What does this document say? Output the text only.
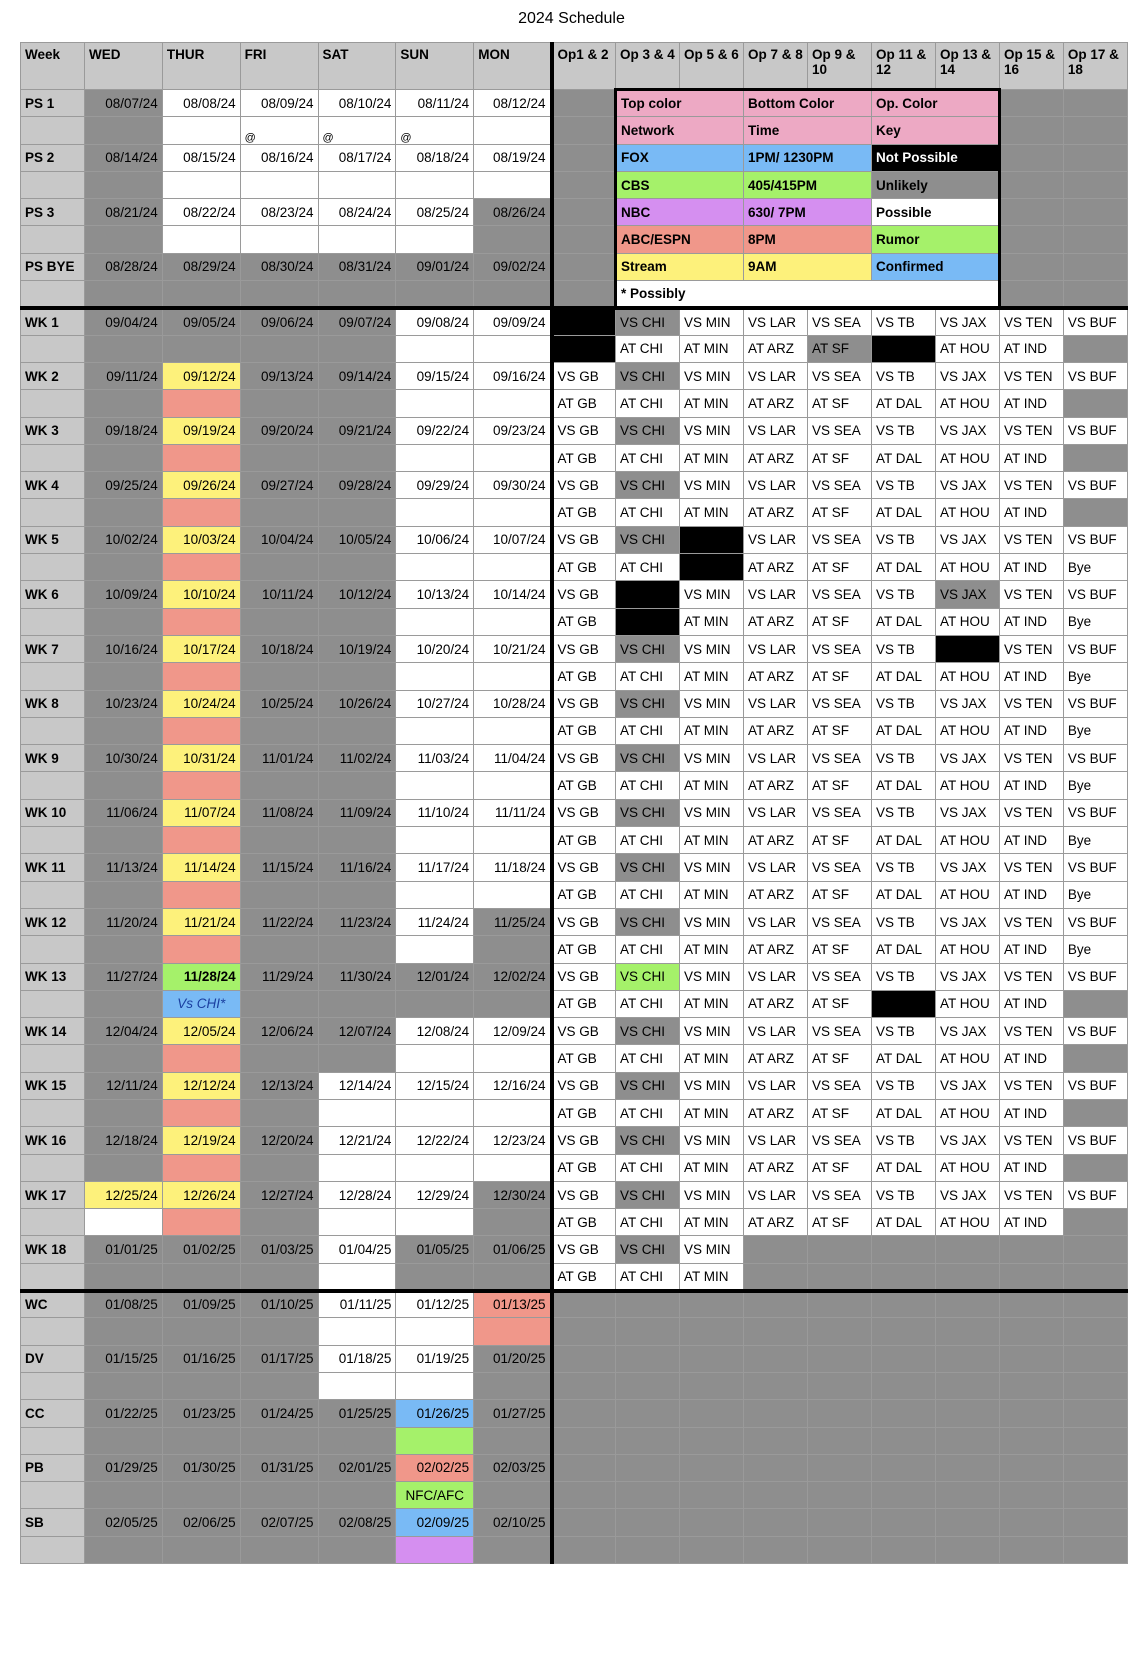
2024 Schedule
Week	WED	THUR	FRI	SAT	SUN	MON	Op1 & 2	Op 3 & 4	Op 5 & 6	Op 7 & 8	Op 9 & 10	Op 11 & 12	Op 13 & 14	Op 15 & 16	Op 17 & 18
PS 1	08/07/24	08/08/24	08/09/24	08/10/24	08/11/24	08/12/24		Top color		Bottom Color		Op. Color			
			@	@	@			Network		Time		Key			
PS 2	08/14/24	08/15/24	08/16/24	08/17/24	08/18/24	08/19/24		FOX		1PM/ 1230PM		Not Possible			
								CBS		405/415PM		Unlikely			
PS 3	08/21/24	08/22/24	08/23/24	08/24/24	08/25/24	08/26/24		NBC		630/ 7PM		Possible			
								ABC/ESPN		8PM		Rumor			
PS BYE	08/28/24	08/29/24	08/30/24	08/31/24	09/01/24	09/02/24		Stream		9AM		Confirmed			
								* Possibly							
WK 1	09/04/24	09/05/24	09/06/24	09/07/24	09/08/24	09/09/24		VS CHI	VS MIN	VS LAR	VS SEA	VS TB	VS JAX	VS TEN	VS BUF
								AT CHI	AT MIN	AT ARZ	AT SF		AT HOU	AT IND	
WK 2	09/11/24	09/12/24	09/13/24	09/14/24	09/15/24	09/16/24	VS GB	VS CHI	VS MIN	VS LAR	VS SEA	VS TB	VS JAX	VS TEN	VS BUF
							AT GB	AT CHI	AT MIN	AT ARZ	AT SF	AT DAL	AT HOU	AT IND	
WK 3	09/18/24	09/19/24	09/20/24	09/21/24	09/22/24	09/23/24	VS GB	VS CHI	VS MIN	VS LAR	VS SEA	VS TB	VS JAX	VS TEN	VS BUF
							AT GB	AT CHI	AT MIN	AT ARZ	AT SF	AT DAL	AT HOU	AT IND	
WK 4	09/25/24	09/26/24	09/27/24	09/28/24	09/29/24	09/30/24	VS GB	VS CHI	VS MIN	VS LAR	VS SEA	VS TB	VS JAX	VS TEN	VS BUF
							AT GB	AT CHI	AT MIN	AT ARZ	AT SF	AT DAL	AT HOU	AT IND	
WK 5	10/02/24	10/03/24	10/04/24	10/05/24	10/06/24	10/07/24	VS GB	VS CHI		VS LAR	VS SEA	VS TB	VS JAX	VS TEN	VS BUF
							AT GB	AT CHI		AT ARZ	AT SF	AT DAL	AT HOU	AT IND	Bye
WK 6	10/09/24	10/10/24	10/11/24	10/12/24	10/13/24	10/14/24	VS GB		VS MIN	VS LAR	VS SEA	VS TB	VS JAX	VS TEN	VS BUF
							AT GB		AT MIN	AT ARZ	AT SF	AT DAL	AT HOU	AT IND	Bye
WK 7	10/16/24	10/17/24	10/18/24	10/19/24	10/20/24	10/21/24	VS GB	VS CHI	VS MIN	VS LAR	VS SEA	VS TB		VS TEN	VS BUF
							AT GB	AT CHI	AT MIN	AT ARZ	AT SF	AT DAL	AT HOU	AT IND	Bye
WK 8	10/23/24	10/24/24	10/25/24	10/26/24	10/27/24	10/28/24	VS GB	VS CHI	VS MIN	VS LAR	VS SEA	VS TB	VS JAX	VS TEN	VS BUF
							AT GB	AT CHI	AT MIN	AT ARZ	AT SF	AT DAL	AT HOU	AT IND	Bye
WK 9	10/30/24	10/31/24	11/01/24	11/02/24	11/03/24	11/04/24	VS GB	VS CHI	VS MIN	VS LAR	VS SEA	VS TB	VS JAX	VS TEN	VS BUF
							AT GB	AT CHI	AT MIN	AT ARZ	AT SF	AT DAL	AT HOU	AT IND	Bye
WK 10	11/06/24	11/07/24	11/08/24	11/09/24	11/10/24	11/11/24	VS GB	VS CHI	VS MIN	VS LAR	VS SEA	VS TB	VS JAX	VS TEN	VS BUF
							AT GB	AT CHI	AT MIN	AT ARZ	AT SF	AT DAL	AT HOU	AT IND	Bye
WK 11	11/13/24	11/14/24	11/15/24	11/16/24	11/17/24	11/18/24	VS GB	VS CHI	VS MIN	VS LAR	VS SEA	VS TB	VS JAX	VS TEN	VS BUF
							AT GB	AT CHI	AT MIN	AT ARZ	AT SF	AT DAL	AT HOU	AT IND	Bye
WK 12	11/20/24	11/21/24	11/22/24	11/23/24	11/24/24	11/25/24	VS GB	VS CHI	VS MIN	VS LAR	VS SEA	VS TB	VS JAX	VS TEN	VS BUF
							AT GB	AT CHI	AT MIN	AT ARZ	AT SF	AT DAL	AT HOU	AT IND	Bye
WK 13	11/27/24	11/28/24	11/29/24	11/30/24	12/01/24	12/02/24	VS GB	VS CHI	VS MIN	VS LAR	VS SEA	VS TB	VS JAX	VS TEN	VS BUF
		Vs CHI*					AT GB	AT CHI	AT MIN	AT ARZ	AT SF		AT HOU	AT IND	
WK 14	12/04/24	12/05/24	12/06/24	12/07/24	12/08/24	12/09/24	VS GB	VS CHI	VS MIN	VS LAR	VS SEA	VS TB	VS JAX	VS TEN	VS BUF
							AT GB	AT CHI	AT MIN	AT ARZ	AT SF	AT DAL	AT HOU	AT IND	
WK 15	12/11/24	12/12/24	12/13/24	12/14/24	12/15/24	12/16/24	VS GB	VS CHI	VS MIN	VS LAR	VS SEA	VS TB	VS JAX	VS TEN	VS BUF
							AT GB	AT CHI	AT MIN	AT ARZ	AT SF	AT DAL	AT HOU	AT IND	
WK 16	12/18/24	12/19/24	12/20/24	12/21/24	12/22/24	12/23/24	VS GB	VS CHI	VS MIN	VS LAR	VS SEA	VS TB	VS JAX	VS TEN	VS BUF
							AT GB	AT CHI	AT MIN	AT ARZ	AT SF	AT DAL	AT HOU	AT IND	
WK 17	12/25/24	12/26/24	12/27/24	12/28/24	12/29/24	12/30/24	VS GB	VS CHI	VS MIN	VS LAR	VS SEA	VS TB	VS JAX	VS TEN	VS BUF
							AT GB	AT CHI	AT MIN	AT ARZ	AT SF	AT DAL	AT HOU	AT IND	
WK 18	01/01/25	01/02/25	01/03/25	01/04/25	01/05/25	01/06/25	VS GB	VS CHI	VS MIN						
							AT GB	AT CHI	AT MIN						
WC	01/08/25	01/09/25	01/10/25	01/11/25	01/12/25	01/13/25									

DV	01/15/25	01/16/25	01/17/25	01/18/25	01/19/25	01/20/25									

CC	01/22/25	01/23/25	01/24/25	01/25/25	01/26/25	01/27/25									

PB	01/29/25	01/30/25	01/31/25	02/01/25	02/02/25	02/03/25									
					NFC/AFC										
SB	02/05/25	02/06/25	02/07/25	02/08/25	02/09/25	02/10/25									
